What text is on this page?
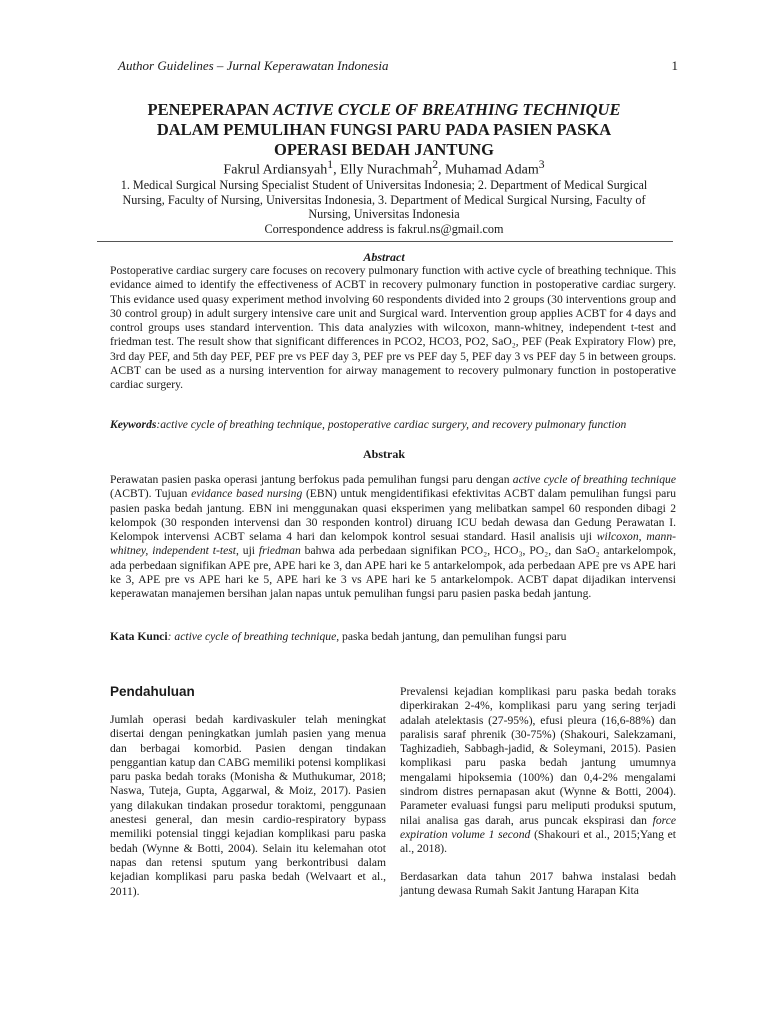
Author Guidelines – Jurnal Keperawatan Indonesia	1
PENEPERAPAN ACTIVE CYCLE OF BREATHING TECHNIQUE
DALAM PEMULIHAN FUNGSI PARU PADA PASIEN PASKA
OPERASI BEDAH JANTUNG
Fakrul Ardiansyah$^1$, Elly Nurachmah$^2$, Muhamad Adam$^3$
1. Medical Surgical Nursing Specialist Student of Universitas Indonesia; 2. Department of Medical Surgical
Nursing, Faculty of Nursing, Universitas Indonesia, 3. Department of Medical Surgical Nursing, Faculty of
Nursing, Universitas Indonesia
Correspondence address is fakrul.ns@gmail.com
Abstract
Postoperative cardiac surgery care focuses on recovery pulmonary function with active cycle of breathing technique. This evidance aimed to identify the effectiveness of ACBT in recovery pulmonary function in postoperative cardiac surgery. This evidance used quasy experiment method involving 60 respondents divided into 2 groups (30 interventions group and 30 control group) in adult surgery intensive care unit and Surgical ward. Intervention group applies ACBT for 4 days and control groups uses standard intervention. This data analyzies with wilcoxon, mann-whitney, independent t-test and friedman test. The result show that significant differences in PCO2, HCO3, PO2, SaO₂, PEF (Peak Expiratory Flow) pre, 3rd day PEF, and 5th day PEF, PEF pre vs PEF day 3, PEF pre vs PEF day 5, PEF day 3 vs PEF day 5 in between groups. ACBT can be used as a nursing intervention for airway management to recovery pulmonary function in postoperative cardiac surgery.
Keywords:active cycle of breathing technique, postoperative cardiac surgery, and recovery pulmonary function
Abstrak
Perawatan pasien paska operasi jantung berfokus pada pemulihan fungsi paru dengan active cycle of breathing technique (ACBT). Tujuan evidance based nursing (EBN) untuk mengidentifikasi efektivitas ACBT dalam pemulihan fungsi paru pasien paska bedah jantung. EBN ini menggunakan quasi eksperimen yang melibatkan sampel 60 responden dibagi 2 kelompok (30 responden intervensi dan 30 responden kontrol) diruang ICU bedah dewasa dan Gedung Perawatan I. Kelompok intervensi ACBT selama 4 hari dan kelompok kontrol sesuai standard. Hasil analisis uji wilcoxon, mann-whitney, independent t-test, uji friedman bahwa ada perbedaan signifikan PCO₂, HCO₃, PO₂, dan SaO₂ antarkelompok, ada perbedaan signifikan APE pre, APE hari ke 3, dan APE hari ke 5 antarkelompok, ada perbedaan APE pre vs APE hari ke 3, APE pre vs APE hari ke 5, APE hari ke 3 vs APE hari ke 5 antarkelompok. ACBT dapat dijadikan intervensi keperawatan manajemen bersihan jalan napas untuk pemulihan fungsi paru pasien paska bedah jantung.
Kata Kunci: active cycle of breathing technique, paska bedah jantung, dan pemulihan fungsi paru
Pendahuluan

Jumlah operasi bedah kardivaskuler telah meningkat disertai dengan peningkatkan jumlah pasien yang menua dan berbagai komorbid. Pasien dengan tindakan penggantian katup dan CABG memiliki potensi komplikasi paru paska bedah toraks (Monisha & Muthukumar, 2018; Naswa, Tuteja, Gupta, Aggarwal, & Moiz, 2017). Pasien yang dilakukan tindakan prosedur toraktomi, penggunaan anestesi general, dan mesin cardio-respiratory bypass memiliki potensial tinggi kejadian komplikasi paru paska bedah (Wynne & Botti, 2004). Selain itu kelemahan otot napas dan retensi sputum yang berkontribusi dalam kejadian komplikasi paru paska bedah (Welvaart et al., 2011).

Prevalensi kejadian komplikasi paru paska bedah toraks diperkirakan 2-4%, komplikasi paru yang sering terjadi adalah atelektasis (27-95%), efusi pleura (16,6-88%) dan paralisis saraf phrenik (30-75%) (Shakouri, Salekzamani, Taghizadieh, Sabbagh-jadid, & Soleymani, 2015). Pasien komplikasi paru paska bedah jantung umumnya mengalami hipoksemia (100%) dan 0,4-2% mengalami sindrom distres pernapasan akut (Wynne & Botti, 2004). Parameter evaluasi fungsi paru meliputi produksi sputum, nilai analisa gas darah, arus puncak ekspirasi dan force expiration volume 1 second (Shakouri et al., 2015;Yang et al., 2018).

Berdasarkan data tahun 2017 bahwa instalasi bedah jantung dewasa Rumah Sakit Jantung Harapan Kita
